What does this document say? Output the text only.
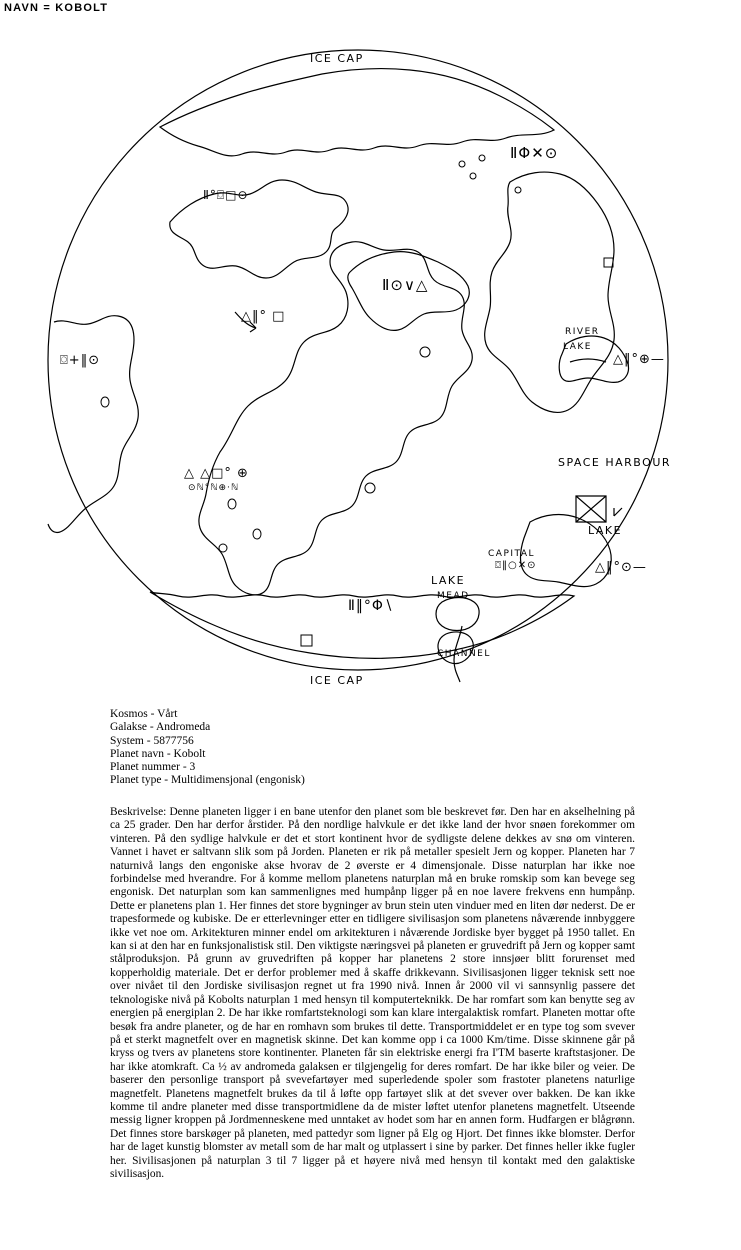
NAVN = KOBOLT
ICE CAP
ICE CAP
SPACE HARBOUR
LAKE
LAKE
MEAD
CHANNEL
RIVER
LAKE
CAPITAL
ⅡΦ✕⊙
Ⅱ°⌼□⊙
Ⅱ⊙∨△
△‖° □
⌼+‖⊙
△ △□° ⊕
⊙ℕ°ℕ⊕⋅ℕ
Ⅱ‖°Φ∖
△‖°⊕—
△‖°⊙—
⌼‖○✕⊙
Kosmos - Vårt
Galakse - Andromeda
System - 5877756
Planet navn - Kobolt
Planet nummer - 3
Planet type - Multidimensjonal (engonisk)
Beskrivelse: Denne planeten ligger i en bane utenfor den planet som ble beskrevet før. Den har en akselhelning på ca 25 grader. Den har derfor årstider. På den nordlige halvkule er det ikke land der hvor snøen forekommer om vinteren. På den sydlige halvkule er det et stort kontinent hvor de sydligste delene dekkes av snø om vinteren. Vannet i havet er saltvann slik som på Jorden. Planeten er rik på metaller spesielt Jern og kopper. Planeten har 7 naturnivå langs den engoniske akse hvorav de 2 øverste er 4 dimensjonale. Disse naturplan har ikke noe forbindelse med hverandre. For å komme mellom planetens naturplan må en bruke romskip som kan bevege seg engonisk. Det naturplan som kan sammenlignes med humpånp ligger på en noe lavere frekvens enn humpånp. Dette er planetens plan 1. Her finnes det store bygninger av brun stein uten vinduer med en liten dør nederst. De er trapesformede og kubiske. De er etterlevninger etter en tidligere sivilisasjon som planetens nåværende innbyggere ikke vet noe om. Arkitekturen minner endel om arkitekturen i nåværende Jordiske byer bygget på 1950 tallet. En kan si at den har en funksjonalistisk stil. Den viktigste næringsvei på planeten er gruvedrift på Jern og kopper samt stålproduksjon. På grunn av gruvedriften på kopper har planetens 2 store innsjøer blitt forurenset med kopperholdig materiale. Det er derfor problemer med å skaffe drikkevann. Sivilisasjonen ligger teknisk sett noe over nivået til den Jordiske sivilisasjon regnet ut fra 1990 nivå. Innen år 2000 vil vi sannsynlig passere det teknologiske nivå på Kobolts naturplan 1 med hensyn til komputerteknikk. De har romfart som kan benytte seg av energien på energiplan 2. De har ikke romfartsteknologi som kan klare intergalaktisk romfart. Planeten mottar ofte besøk fra andre planeter, og de har en romhavn som brukes til dette. Transportmiddelet er en type tog som svever på et sterkt magnetfelt over en magnetisk skinne. Det kan komme opp i ca 1000 Km/time. Disse skinnene går på kryss og tvers av planetens store kontinenter. Planeten får sin elektriske energi fra I'TM baserte kraftstasjoner. De har ikke atomkraft. Ca ½ av andromeda galaksen er tilgjengelig for deres romfart. De har ikke biler og veier. De baserer den personlige transport på svevefartøyer med superledende spoler som frastoter planetens naturlige magnetfelt. Planetens magnetfelt brukes da til å løfte opp fartøyet slik at det svever over bakken. De kan ikke komme til andre planeter med disse transportmidlene da de mister løftet utenfor planetens magnetfelt. Utseende messig ligner kroppen på Jordmenneskene med unntaket av hodet som har en annen form. Hudfargen er blågrønn. Det finnes store barskøger på planeten, med pattedyr som ligner på Elg og Hjort. Det finnes ikke blomster. Derfor har de laget kunstig blomster av metall som de har malt og utplassert i sine by parker. Det finnes heller ikke fugler her. Sivilisasjonen på naturplan 3 til 7 ligger på et høyere nivå med hensyn til kontakt med den galaktiske sivilisasjon.
